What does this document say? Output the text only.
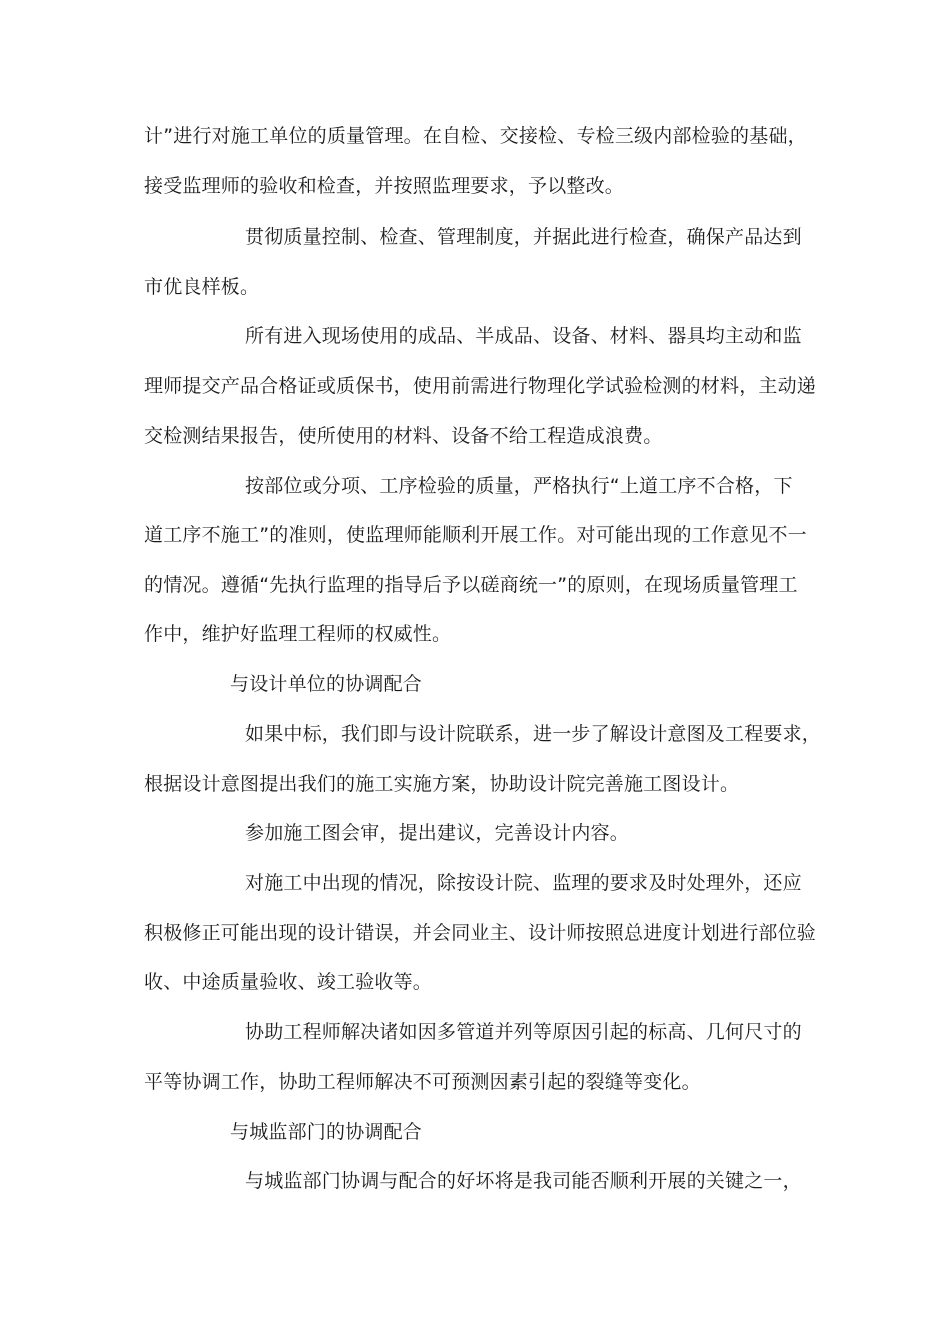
计”进行对施工单位的质量管理。在自检、交接检、专检三级内部检验的基础，
接受监理师的验收和检查，并按照监理要求，予以整改。
贯彻质量控制、检查、管理制度，并据此进行检查，确保产品达到
市优良样板。
所有进入现场使用的成品、半成品、设备、材料、器具均主动和监
理师提交产品合格证或质保书，使用前需进行物理化学试验检测的材料，主动递
交检测结果报告，使所使用的材料、设备不给工程造成浪费。
按部位或分项、工序检验的质量，严格执行“上道工序不合格，下
道工序不施工”的准则，使监理师能顺利开展工作。对可能出现的工作意见不一
的情况。遵循“先执行监理的指导后予以磋商统一”的原则，在现场质量管理工
作中，维护好监理工程师的权威性。
与设计单位的协调配合
如果中标，我们即与设计院联系，进一步了解设计意图及工程要求，
根据设计意图提出我们的施工实施方案，协助设计院完善施工图设计。
参加施工图会审，提出建议，完善设计内容。
对施工中出现的情况，除按设计院、监理的要求及时处理外，还应
积极修正可能出现的设计错误，并会同业主、设计师按照总进度计划进行部位验
收、中途质量验收、竣工验收等。
协助工程师解决诸如因多管道并列等原因引起的标高、几何尺寸的
平等协调工作，协助工程师解决不可预测因素引起的裂缝等变化。
与城监部门的协调配合
与城监部门协调与配合的好坏将是我司能否顺利开展的关键之一，
